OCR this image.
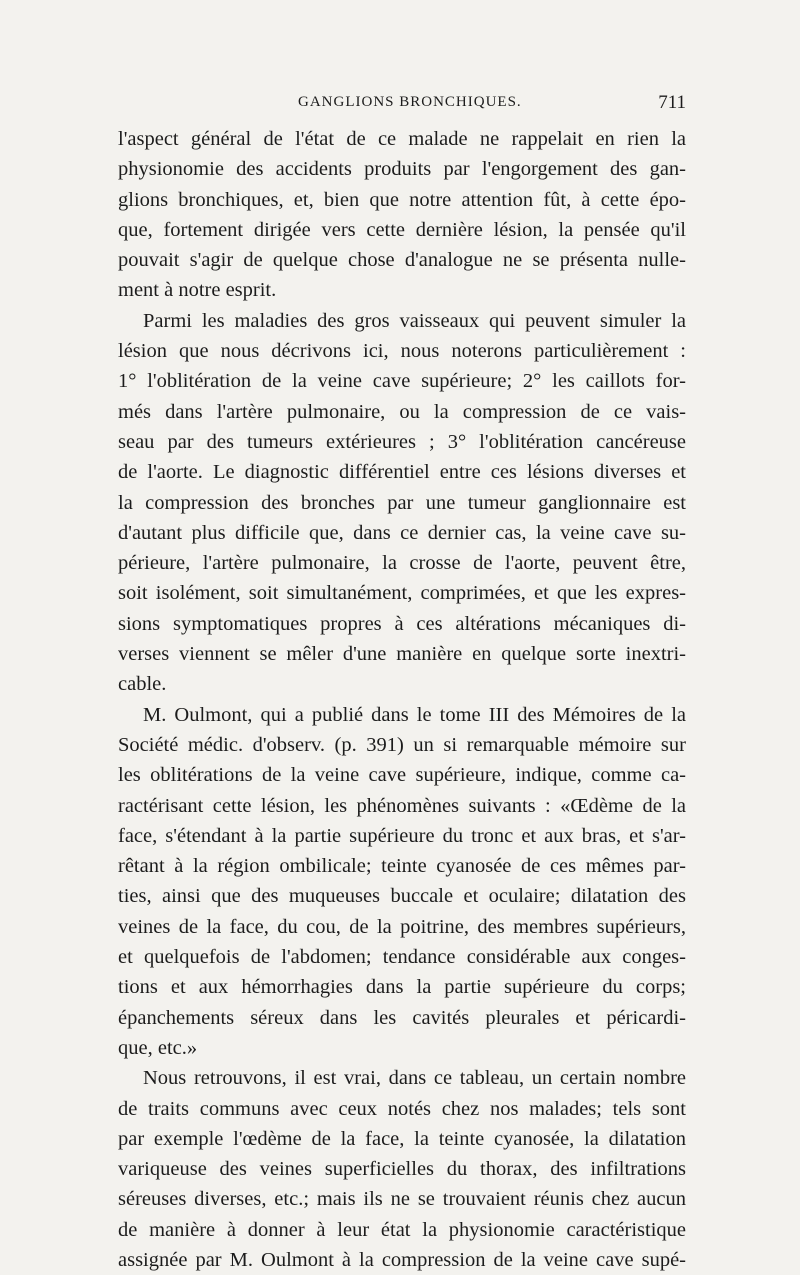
GANGLIONS BRONCHIQUES.	711
l'aspect général de l'état de ce malade ne rappelait en rien la
physionomie des accidents produits par l'engorgement des gan-
glions bronchiques, et, bien que notre attention fût, à cette épo-
que, fortement dirigée vers cette dernière lésion, la pensée qu'il
pouvait s'agir de quelque chose d'analogue ne se présenta nulle-
ment à notre esprit.
Parmi les maladies des gros vaisseaux qui peuvent simuler la
lésion que nous décrivons ici, nous noterons particulièrement :
1° l'oblitération de la veine cave supérieure; 2° les caillots for-
més dans l'artère pulmonaire, ou la compression de ce vais-
seau par des tumeurs extérieures ; 3° l'oblitération cancéreuse
de l'aorte. Le diagnostic différentiel entre ces lésions diverses et
la compression des bronches par une tumeur ganglionnaire est
d'autant plus difficile que, dans ce dernier cas, la veine cave su-
périeure, l'artère pulmonaire, la crosse de l'aorte, peuvent être,
soit isolément, soit simultanément, comprimées, et que les expres-
sions symptomatiques propres à ces altérations mécaniques di-
verses viennent se mêler d'une manière en quelque sorte inextri-
cable.
M. Oulmont, qui a publié dans le tome III des Mémoires de la
Société médic. d'observ. (p. 391) un si remarquable mémoire sur
les oblitérations de la veine cave supérieure, indique, comme ca-
ractérisant cette lésion, les phénomènes suivants : «Œdème de la
face, s'étendant à la partie supérieure du tronc et aux bras, et s'ar-
rêtant à la région ombilicale; teinte cyanosée de ces mêmes par-
ties, ainsi que des muqueuses buccale et oculaire; dilatation des
veines de la face, du cou, de la poitrine, des membres supérieurs,
et quelquefois de l'abdomen; tendance considérable aux conges-
tions et aux hémorrhagies dans la partie supérieure du corps;
épanchements séreux dans les cavités pleurales et péricardi-
que, etc.»
Nous retrouvons, il est vrai, dans ce tableau, un certain nombre
de traits communs avec ceux notés chez nos malades; tels sont
par exemple l'œdème de la face, la teinte cyanosée, la dilatation
variqueuse des veines superficielles du thorax, des infiltrations
séreuses diverses, etc.; mais ils ne se trouvaient réunis chez aucun
de manière à donner à leur état la physionomie caractéristique
assignée par M. Oulmont à la compression de la veine cave supé-
